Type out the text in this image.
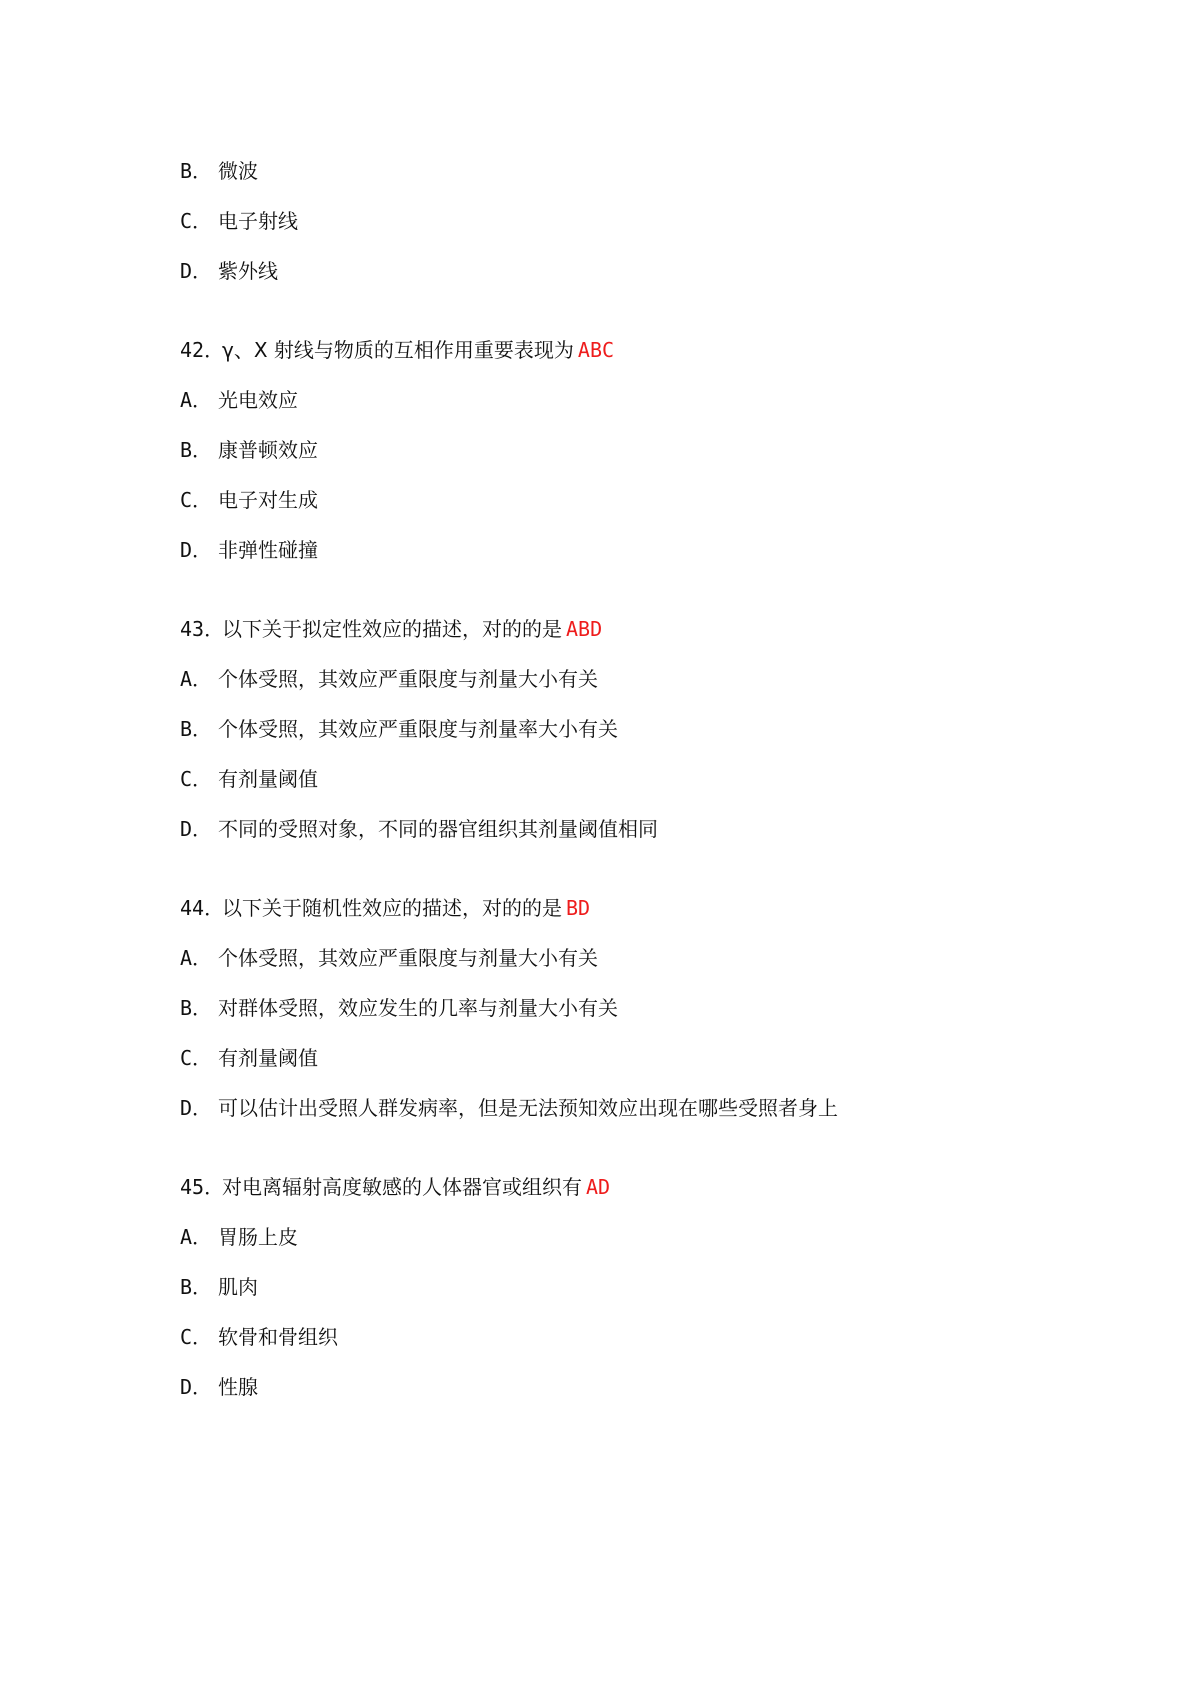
B． 微波
C． 电子射线
D． 紫外线
42．γ、X 射线与物质的互相作用重要表现为 ABC
A． 光电效应
B． 康普顿效应
C． 电子对生成
D． 非弹性碰撞
43．以下关于拟定性效应的描述，对的的是 ABD
A． 个体受照，其效应严重限度与剂量大小有关
B． 个体受照，其效应严重限度与剂量率大小有关
C． 有剂量阈值
D． 不同的受照对象，不同的器官组织其剂量阈值相同
44．以下关于随机性效应的描述，对的的是 BD
A． 个体受照，其效应严重限度与剂量大小有关
B． 对群体受照，效应发生的几率与剂量大小有关
C． 有剂量阈值
D． 可以估计出受照人群发病率，但是无法预知效应出现在哪些受照者身上
45．对电离辐射高度敏感的人体器官或组织有 AD
A． 胃肠上皮
B． 肌肉
C． 软骨和骨组织
D． 性腺
